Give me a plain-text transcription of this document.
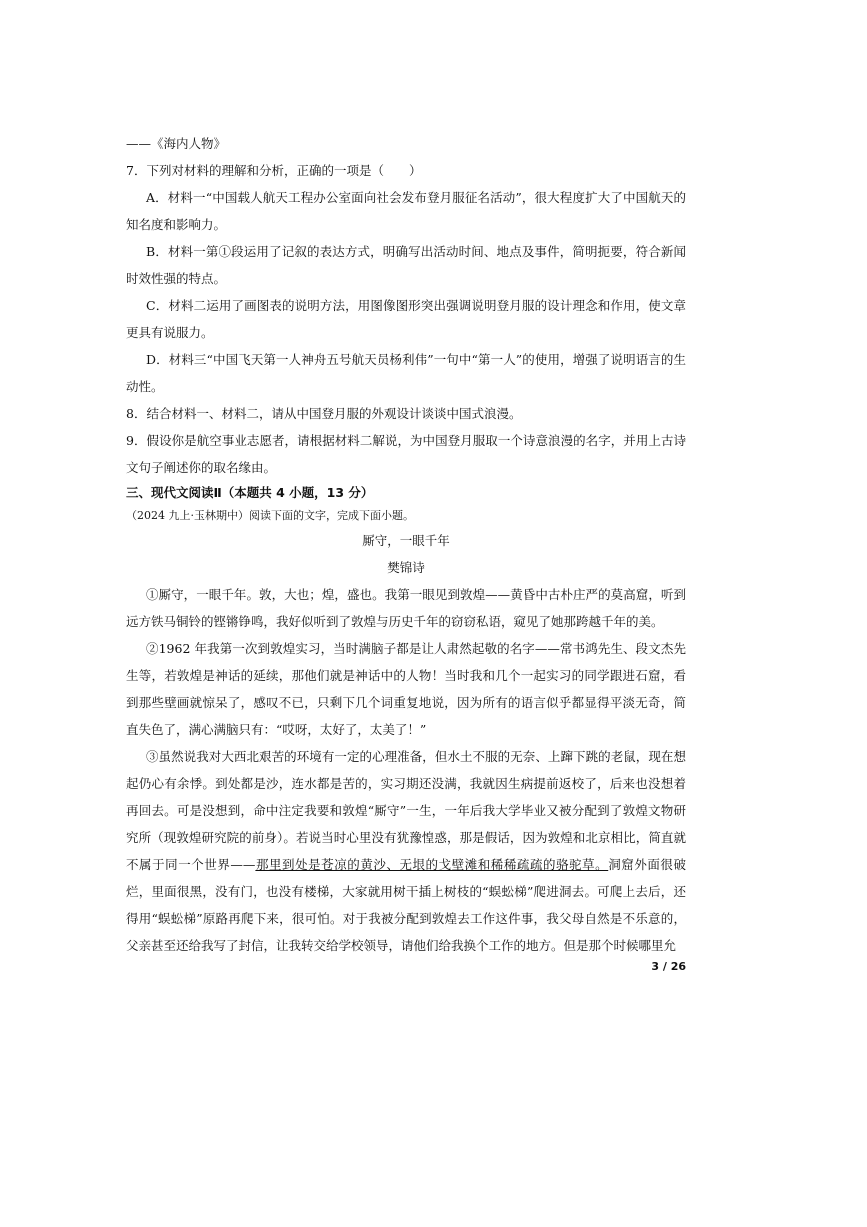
——《海内人物》

7．下列对材料的理解和分析，正确的一项是（　　）

A．材料一“中国载人航天工程办公室面向社会发布登月服征名活动”，很大程度扩大了中国航天的知名度和影响力。

B．材料一第①段运用了记叙的表达方式，明确写出活动时间、地点及事件，简明扼要，符合新闻时效性强的特点。

C．材料二运用了画图表的说明方法，用图像图形突出强调说明登月服的设计理念和作用，使文章更具有说服力。

D．材料三“中国飞天第一人神舟五号航天员杨利伟”一句中“第一人”的使用，增强了说明语言的生动性。

8．结合材料一、材料二，请从中国登月服的外观设计谈谈中国式浪漫。

9．假设你是航空事业志愿者，请根据材料二解说，为中国登月服取一个诗意浪漫的名字，并用上古诗文句子阐述你的取名缘由。

三、现代文阅读Ⅱ（本题共 4 小题，13 分）

（2024 九上·玉林期中）阅读下面的文字，完成下面小题。

厮守，一眼千年

樊锦诗

①厮守，一眼千年。敦，大也；煌，盛也。我第一眼见到敦煌——黄昏中古朴庄严的莫高窟，听到远方铁马铜铃的铿锵铮鸣，我好似听到了敦煌与历史千年的窃窃私语，窥见了她那跨越千年的美。

②1962 年我第一次到敦煌实习，当时满脑子都是让人肃然起敬的名字——常书鸿先生、段文杰先生等，若敦煌是神话的延续，那他们就是神话中的人物！当时我和几个一起实习的同学跟进石窟，看到那些壁画就惊呆了，感叹不已，只剩下几个词重复地说，因为所有的语言似乎都显得平淡无奇，简直失色了，满心满脑只有：“哎呀，太好了，太美了！”

③虽然说我对大西北艰苦的环境有一定的心理准备，但水土不服的无奈、上蹿下跳的老鼠，现在想起仍心有余悸。到处都是沙，连水都是苦的，实习期还没满，我就因生病提前返校了，后来也没想着再回去。可是没想到，命中注定我要和敦煌“厮守”一生，一年后我大学毕业又被分配到了敦煌文物研究所（现敦煌研究院的前身）。若说当时心里没有犹豫惶惑，那是假话，因为敦煌和北京相比，简直就不属于同一个世界——那里到处是苍凉的黄沙、无垠的戈壁滩和稀稀疏疏的骆驼草。洞窟外面很破烂，里面很黑，没有门，也没有楼梯，大家就用树干插上树枝的“蜈蚣梯”爬进洞去。可爬上去后，还得用“蜈蚣梯”原路再爬下来，很可怕。对于我被分配到敦煌去工作这件事，我父母自然是不乐意的，父亲甚至还给我写了封信，让我转交给学校领导，请他们给我换个工作的地方。但是那个时候哪里允

3 / 26
